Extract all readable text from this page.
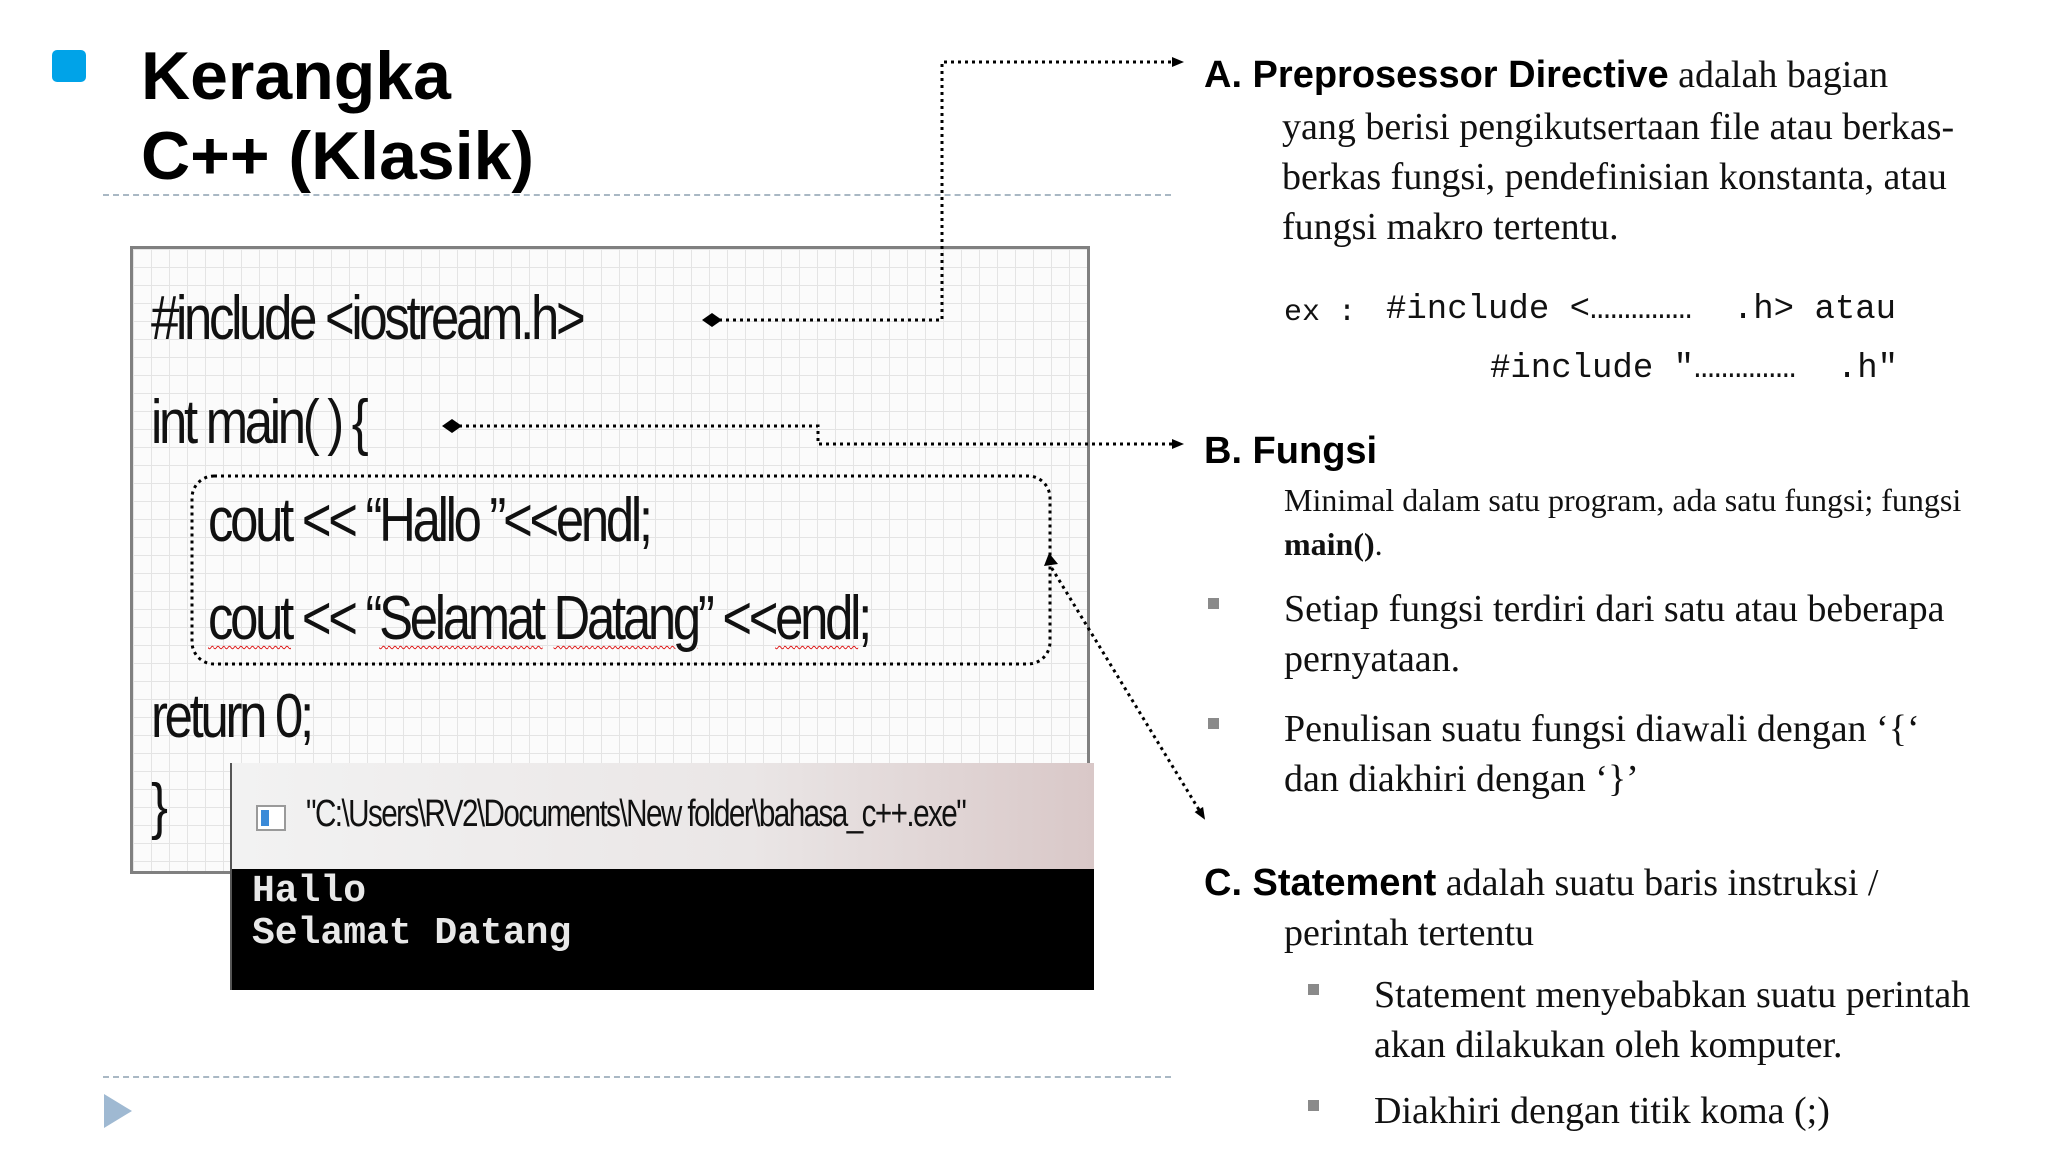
Kerangka
C++ (Klasik)
#include <iostream.h>
int main( ) {
cout << “Hallo ”<<endl;
cout << “Selamat Datang” <<endl;
return 0;
}	"C:\Users\RV2\Documents\New folder\bahasa_c++.exe"
Hallo
Selamat Datang
A. Preprosessor Directive adalah bagian
yang berisi pengikutsertaan file atau berkas-
berkas fungsi, pendefinisian konstanta, atau
fungsi makro tertentu.
ex : #include <……………  .h> atau
#include "……………  .h"
B. Fungsi
Minimal dalam satu program, ada satu fungsi; fungsi
main().
Setiap fungsi terdiri dari satu atau beberapa
pernyataan.
Penulisan suatu fungsi diawali dengan ‘{‘
dan diakhiri dengan ‘}’
C. Statement adalah suatu baris instruksi /
perintah tertentu
Statement menyebabkan suatu perintah
akan dilakukan oleh komputer.
Diakhiri dengan titik koma (;)
